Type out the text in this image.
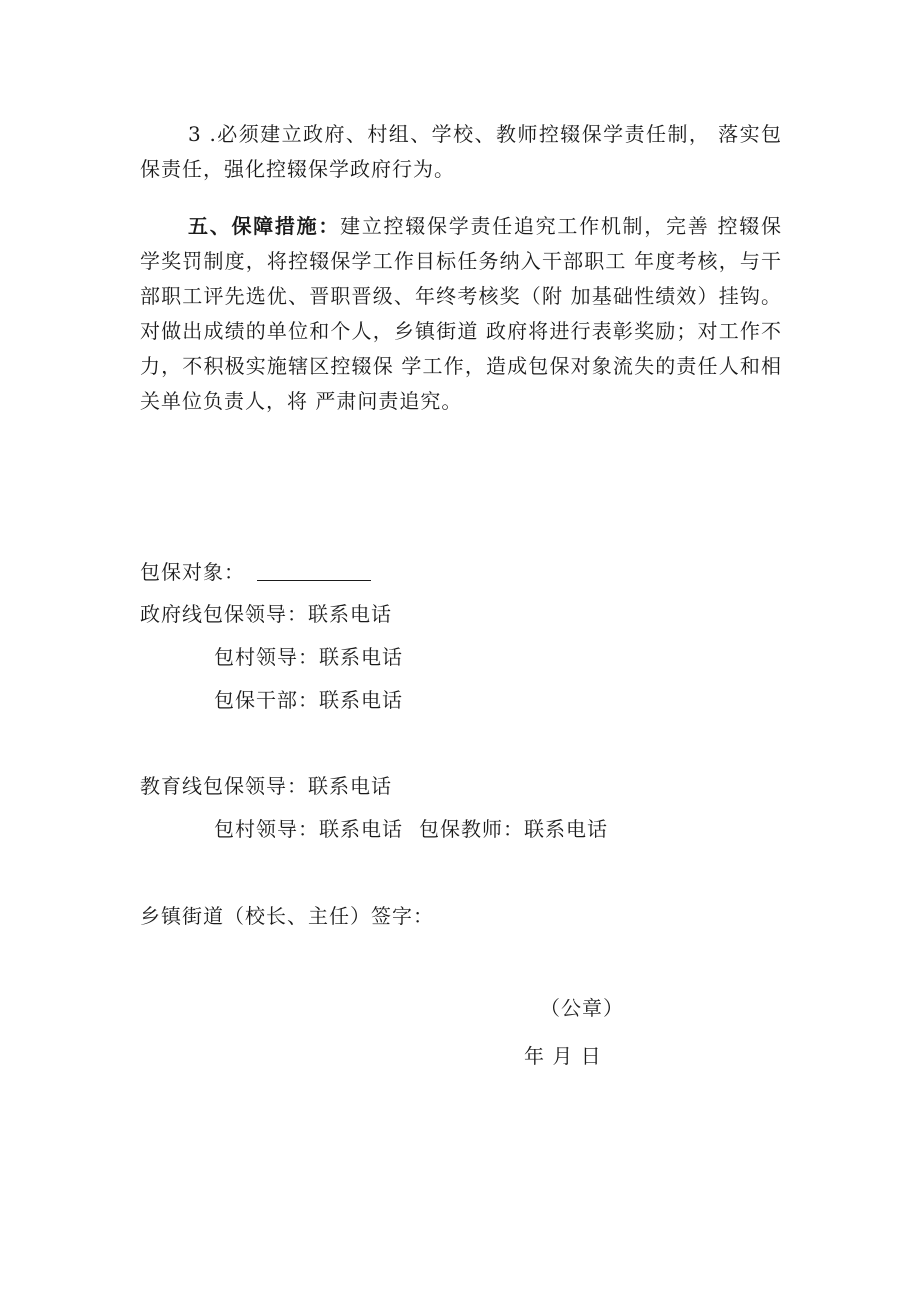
3 .必须建立政府、村组、学校、教师控辍保学责任制， 落实包保责任，强化控辍保学政府行为。

五、保障措施：建立控辍保学责任追究工作机制，完善 控辍保学奖罚制度，将控辍保学工作目标任务纳入干部职工 年度考核，与干部职工评先选优、晋职晋级、年终考核奖（附 加基础性绩效）挂钩。对做出成绩的单位和个人，乡镇街道 政府将进行表彰奖励；对工作不力，不积极实施辖区控辍保 学工作，造成包保对象流失的责任人和相关单位负责人，将 严肃问责追究。

包保对象：

政府线包保领导：联系电话

包村领导：联系电话

包保干部：联系电话

教育线包保领导：联系电话

包村领导：联系电话 包保教师：联系电话

乡镇街道（校长、主任）签字：

（公章）

年 月 日
